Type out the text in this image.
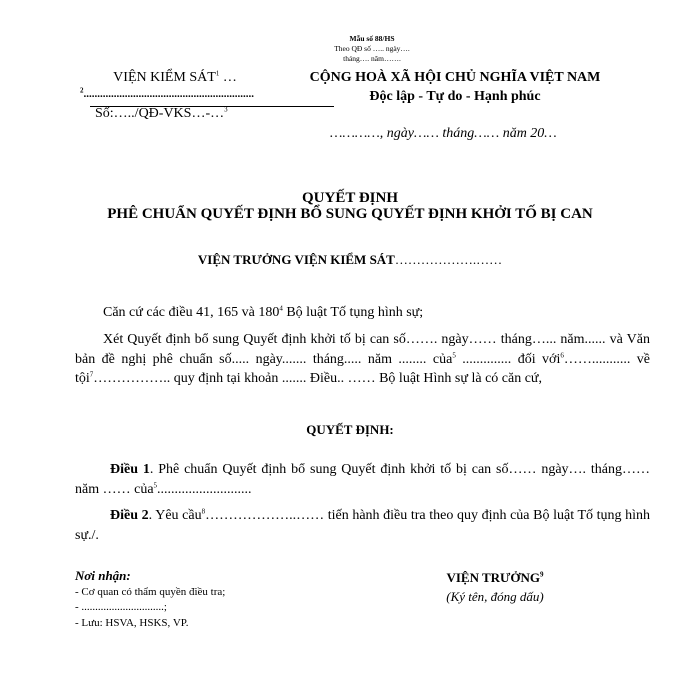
Mẫu số 88/HS
Theo QĐ số ….. ngày….
tháng…. năm…….
VIỆN KIỂM SÁT$^1$ …
$^2$..............................................................
Số:…../QĐ-VKS…-…$^3$
CỘNG HOÀ XÃ HỘI CHỦ NGHĨA VIỆT NAM
Độc lập - Tự do - Hạnh phúc
…………, ngày…… tháng…… năm 20…
QUYẾT ĐỊNH
PHÊ CHUẨN QUYẾT ĐỊNH BỔ SUNG QUYẾT ĐỊNH KHỞI TỐ BỊ CAN
VIỆN TRƯỞNG VIỆN KIỂM SÁT……………….……
Căn cứ các điều 41, 165 và $180^4$ Bộ luật Tố tụng hình sự;
Xét Quyết định bổ sung Quyết định khởi tố bị can số……. ngày…… tháng…... năm...... và Văn bản đề nghị phê chuẩn số..... ngày....... tháng..... năm ........ của$^5$ .............. đối với$^6$……........... về tội$^7$…………….. quy định tại khoản ....... Điều.. …… Bộ luật Hình sự là có căn cứ,
QUYẾT ĐỊNH:
Điều 1. Phê chuẩn Quyết định bổ sung Quyết định khởi tố bị can số…… ngày…. tháng…… năm …… của$^5$...........................
Điều 2. Yêu cầu$^8$………………..…… tiến hành điều tra theo quy định của Bộ luật Tố tụng hình sự./.
Nơi nhận:
- Cơ quan có thẩm quyền điều tra;
- ..............................;
- Lưu: HSVA, HSKS, VP.
VIỆN TRƯỞNG$^9$
(Ký tên, đóng dấu)
